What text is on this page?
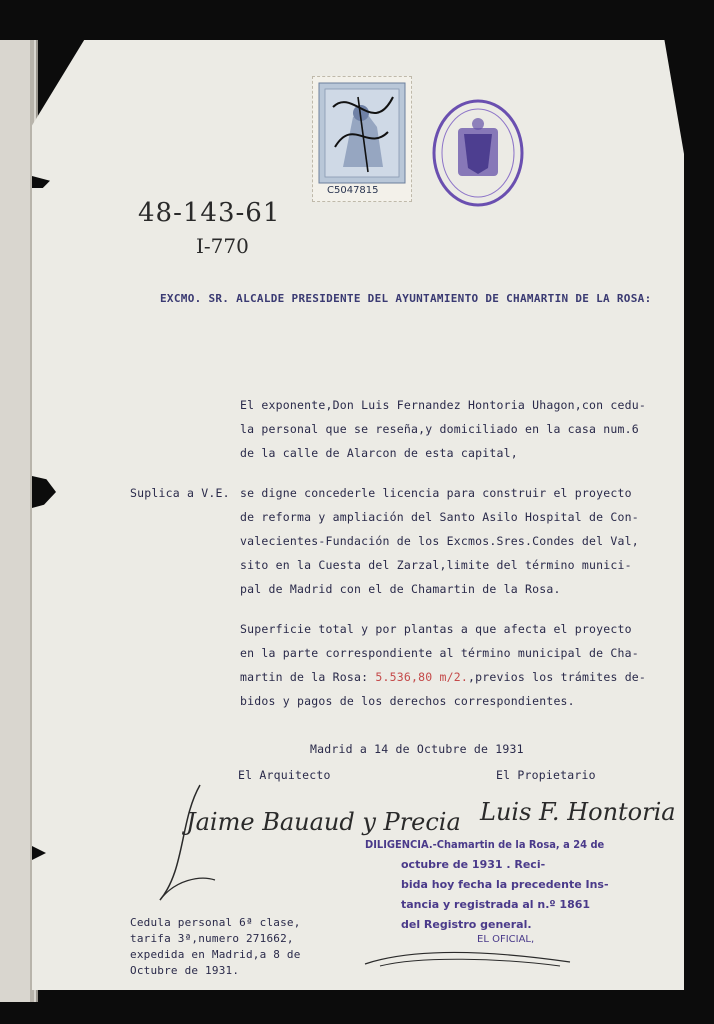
C5047815
48-143-61
I-770
EXCMO. SR. ALCALDE PRESIDENTE DEL AYUNTAMIENTO DE CHAMARTIN DE LA ROSA:
El exponente,Don Luis Fernandez Hontoria Uhagon,con cedu-
la personal que se reseña,y domiciliado en la casa num.6
de la calle de Alarcon de esta capital,
Suplica a V.E. se digne concederle licencia para construir el proyecto
de reforma y ampliación del Santo Asilo Hospital de Con-
valecientes-Fundación de los Excmos.Sres.Condes del Val,
sito en la Cuesta del Zarzal,limite del término munici-
pal de Madrid con el de Chamartin de la Rosa.
Superficie total y por plantas a que afecta el proyecto
en la parte correspondiente al término municipal de Cha-
martin de la Rosa: 5.536,80 m/2.,previos los trámites de-
bidos y pagos de los derechos correspondientes.
Madrid a 14 de Octubre de 1931
El Arquitecto	El Propietario
Jaime Bauaud y Precia Luis F. Hontoria
DILIGENCIA.-Chamartin de la Rosa, a 24 de
octubre de 1931 . Reci-
bida hoy fecha la precedente Ins-
tancia y registrada al n.º 1861
del Registro general.
EL OFICIAL,
Cedula personal 6ª clase,
tarifa 3ª,numero 271662,
expedida en Madrid,a 8 de
Octubre de 1931.
